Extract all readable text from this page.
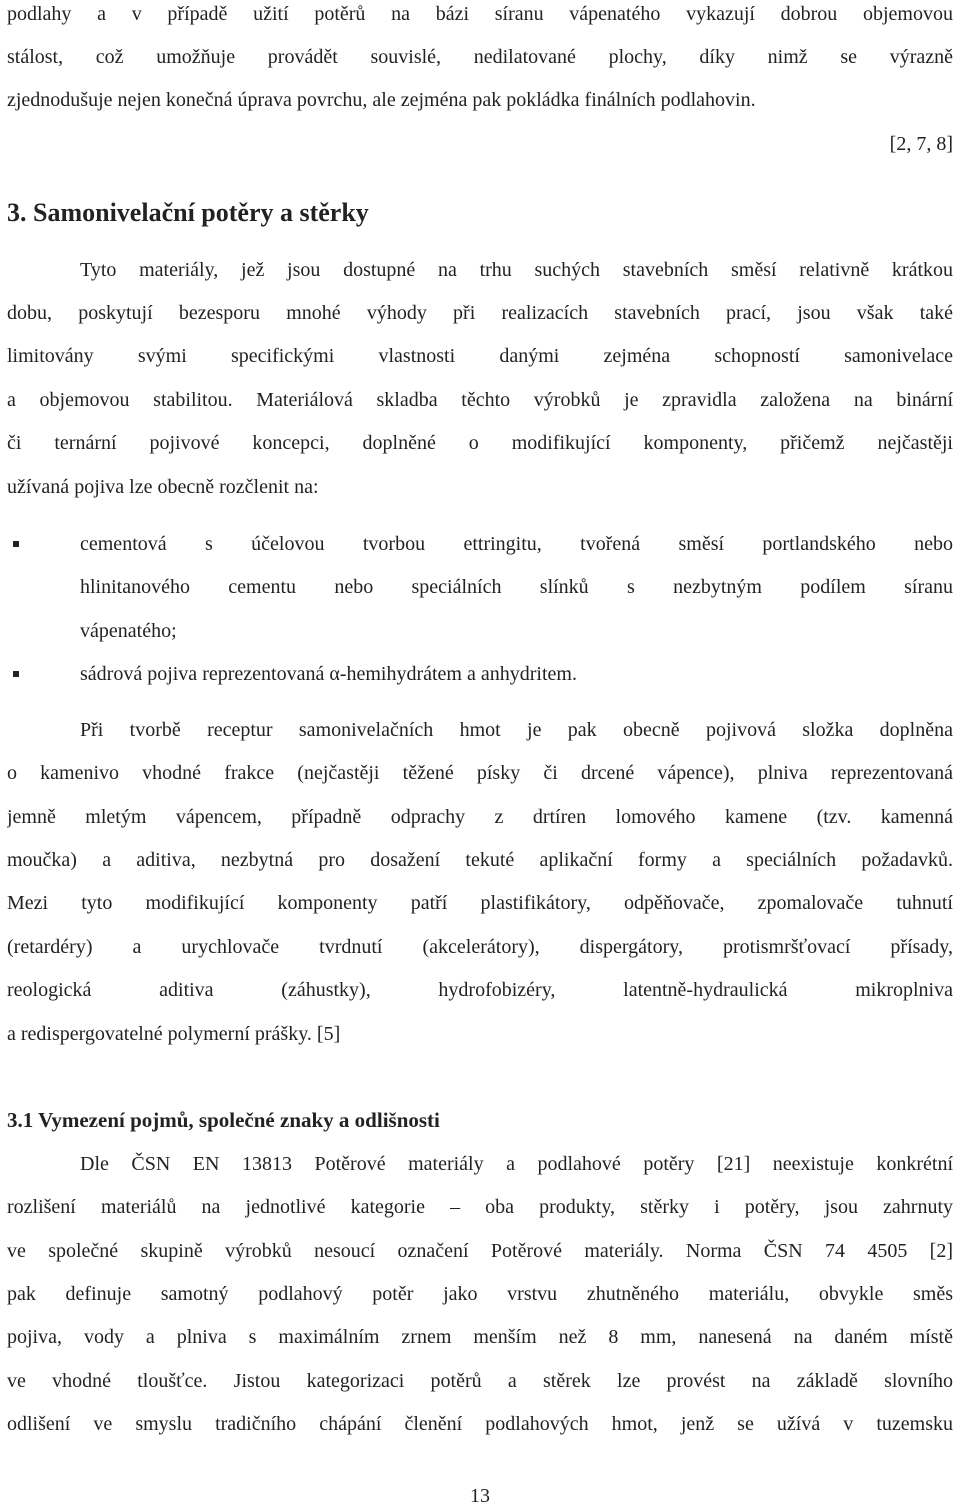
podlahy a v případě užití potěrů na bázi síranu vápenatého vykazují dobrou objemovou
stálost, což umožňuje provádět souvislé, nedilatované plochy, díky nimž se výrazně
zjednodušuje nejen konečná úprava povrchu, ale zejména pak pokládka finálních podlahovin.
[2, 7, 8]
3. Samonivelační potěry a stěrky
Tyto materiály, jež jsou dostupné na trhu suchých stavebních směsí relativně krátkou
dobu, poskytují bezesporu mnohé výhody při realizacích stavebních prací, jsou však také
limitovány svými specifickými vlastnosti danými zejména schopností samonivelace
a objemovou stabilitou. Materiálová skladba těchto výrobků je zpravidla založena na binární
či ternární pojivové koncepci, doplněné o modifikující komponenty, přičemž nejčastěji
užívaná pojiva lze obecně rozčlenit na:
cementová s účelovou tvorbou ettringitu, tvořená směsí portlandského nebo
hlinitanového cementu nebo speciálních slínků s nezbytným podílem síranu
vápenatého;
sádrová pojiva reprezentovaná α-hemihydrátem a anhydritem.
Při tvorbě receptur samonivelačních hmot je pak obecně pojivová složka doplněna
o kamenivo vhodné frakce (nejčastěji těžené písky či drcené vápence), plniva reprezentovaná
jemně mletým vápencem, případně odprachy z drtíren lomového kamene (tzv. kamenná
moučka) a aditiva, nezbytná pro dosažení tekuté aplikační formy a speciálních požadavků.
Mezi tyto modifikující komponenty patří plastifikátory, odpěňovače, zpomalovače tuhnutí
(retardéry) a urychlovače tvrdnutí (akcelerátory), dispergátory, protismršťovací přísady,
reologická aditiva (záhustky), hydrofobizéry, latentně-hydraulická mikroplniva
a redispergovatelné polymerní prášky. [5]
3.1 Vymezení pojmů, společné znaky a odlišnosti
Dle ČSN EN 13813 Potěrové materiály a podlahové potěry [21] neexistuje konkrétní
rozlišení materiálů na jednotlivé kategorie – oba produkty, stěrky i potěry, jsou zahrnuty
ve společné skupině výrobků nesoucí označení Potěrové materiály. Norma ČSN 74 4505 [2]
pak definuje samotný podlahový potěr jako vrstvu zhutněného materiálu, obvykle směs
pojiva, vody a plniva s maximálním zrnem menším než 8 mm, nanesená na daném místě
ve vhodné tloušťce. Jistou kategorizaci potěrů a stěrek lze provést na základě slovního
odlišení ve smyslu tradičního chápání členění podlahových hmot, jenž se užívá v tuzemsku
13
